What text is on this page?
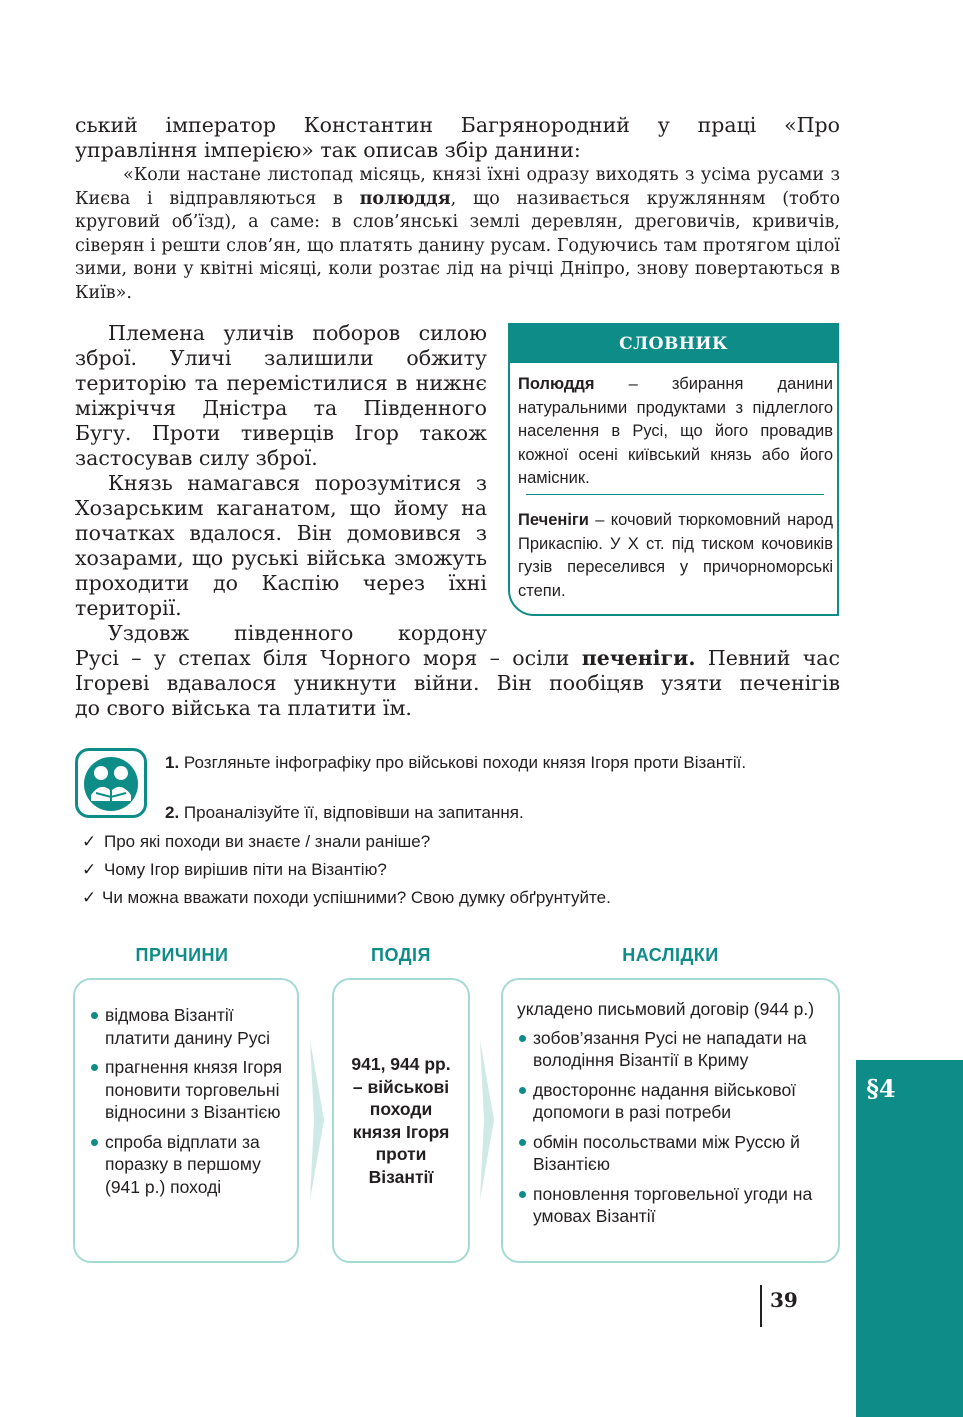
ський імператор Константин Багрянородний у праці «Про
управління імперією» так описав збір данини:
«Коли настане листопад місяць, князі їхні одразу виходять з усіма русами з Києва і відправляються в полюддя, що називається кружлянням (тобто круговий об’їзд), а саме: в слов’янські землі деревлян, дреговичів, кривичів, сіверян і решти слов’ян, що платять данину русам. Годуючись там протягом цілої зими, вони у квітні місяці, коли розтає лід на річці Дніпро, знову повертаються в Київ».
Племена уличів поборов силою зброї. Уличі залишили обжиту територію та перемістилися в нижнє міжріччя Дністра та Південного Бугу. Проти тиверців Ігор також застосував силу зброї.
Князь намагався порозумітися з Хозарським каганатом, що йому на початках вдалося. Він домовився з хозарами, що руські війська зможуть проходити до Каспію через їхні території.
Уздовж південного кордону
СЛОВНИК
Полюддя – збирання данини натуральними продуктами з підлеглого населення в Русі, що його провадив кожної осені київський князь або його намісник.
Печеніги – кочовий тюркомовний народ Прикаспію. У X ст. під тиском кочовиків гузів переселився у причорноморські степи.
Русі – у степах біля Чорного моря – осіли печеніги. Певний час
Ігореві вдавалося уникнути війни. Він пообіцяв узяти печенігів
до свого війська та платити їм.
1. Розгляньте інфографіку про військові походи князя Ігоря проти Візантії.
2. Проаналізуйте її, відповівши на запитання.
✓ Про які походи ви знаєте / знали раніше?
✓ Чому Ігор вирішив піти на Візантію?
✓ Чи можна вважати походи успішними? Свою думку обґрунтуйте.
ПРИЧИНИ	ПОДІЯ	НАСЛІДКИ
відмова Візантії платити данину Русі
прагнення князя Ігоря поновити торговельні відносини з Візантією
спроба відплати за поразку в першому (941 р.) поході
941, 944 рр. – військові походи князя Ігоря проти Візантії
укладено письмовий договір (944 р.)
зобов’язання Русі не нападати на володіння Візантії в Криму
двостороннє надання військової допомоги в разі потреби
обмін посольствами між Руссю й Візантією
поновлення торговельної угоди на умовах Візантії
§4
39
